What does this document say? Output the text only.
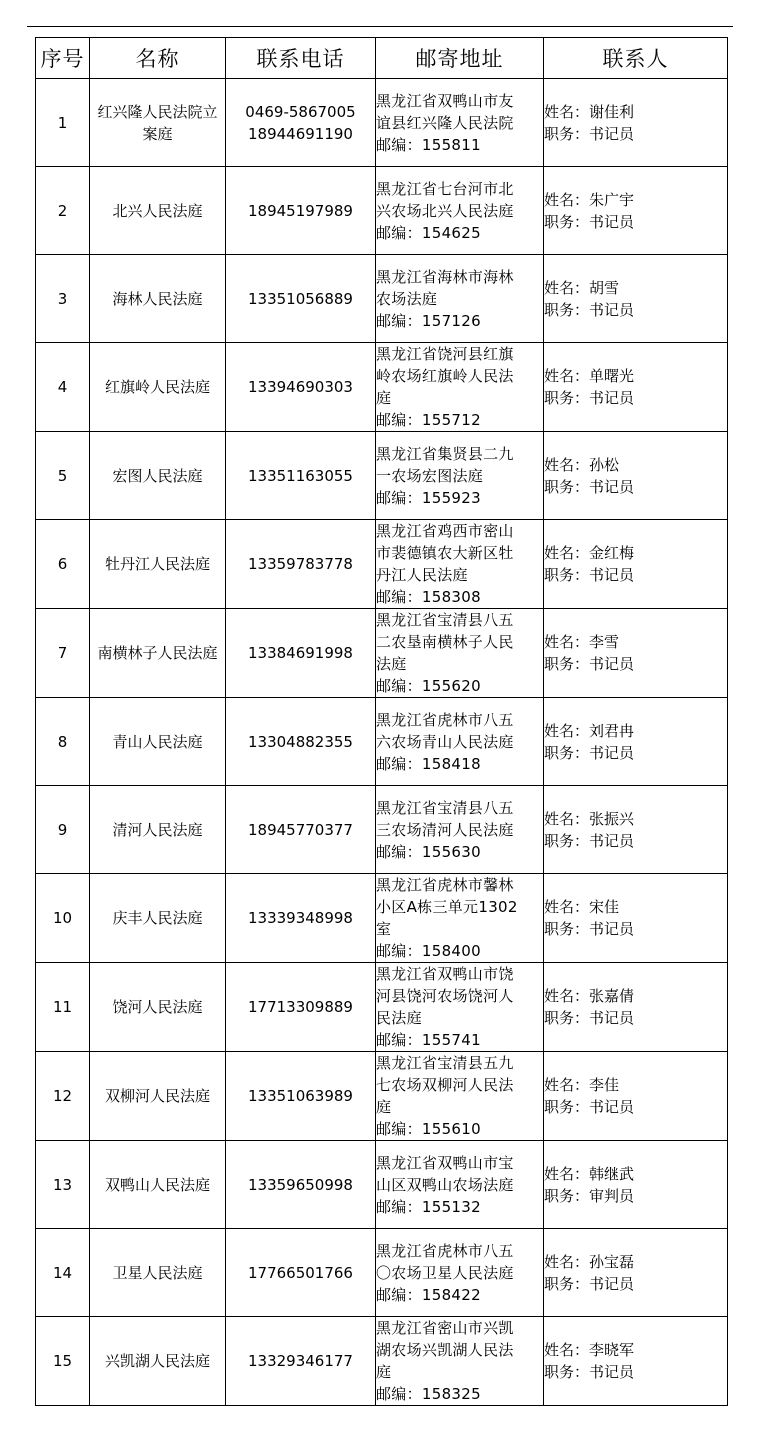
序号	名称	联系电话	邮寄地址	联系人
1	红兴隆人民法院立案庭	0469-5867005
18944691190	黑龙江省双鸭山市友
谊县红兴隆人民法院
邮编：155811	姓名：谢佳利
职务：书记员

2	北兴人民法庭	18945197989	黑龙江省七台河市北
兴农场北兴人民法庭
邮编：154625	姓名：朱广宇
职务：书记员

3	海林人民法庭	13351056889	黑龙江省海林市海林
农场法庭
邮编：157126	姓名：胡雪
职务：书记员

4	红旗岭人民法庭	13394690303	黑龙江省饶河县红旗
岭农场红旗岭人民法
庭
邮编：155712	姓名：单曙光
职务：书记员

5	宏图人民法庭	13351163055	黑龙江省集贤县二九
一农场宏图法庭
邮编：155923	姓名：孙松
职务：书记员

6	牡丹江人民法庭	13359783778	黑龙江省鸡西市密山
市裴德镇农大新区牡
丹江人民法庭
邮编：158308	姓名：金红梅
职务：书记员

7	南横林子人民法庭	13384691998	黑龙江省宝清县八五
二农垦南横林子人民
法庭
邮编：155620	姓名：李雪
职务：书记员

8	青山人民法庭	13304882355	黑龙江省虎林市八五
六农场青山人民法庭
邮编：158418	姓名：刘君冉
职务：书记员

9	清河人民法庭	18945770377	黑龙江省宝清县八五
三农场清河人民法庭
邮编：155630	姓名：张振兴
职务：书记员

10	庆丰人民法庭	13339348998	黑龙江省虎林市馨林
小区A栋三单元1302
室
邮编：158400	姓名：宋佳
职务：书记员

11	饶河人民法庭	17713309889	黑龙江省双鸭山市饶
河县饶河农场饶河人
民法庭
邮编：155741	姓名：张嘉倩
职务：书记员

12	双柳河人民法庭	13351063989	黑龙江省宝清县五九
七农场双柳河人民法
庭
邮编：155610	姓名：李佳
职务：书记员

13	双鸭山人民法庭	13359650998	黑龙江省双鸭山市宝
山区双鸭山农场法庭
邮编：155132	姓名：韩继武
职务：审判员

14	卫星人民法庭	17766501766	黑龙江省虎林市八五
〇农场卫星人民法庭
邮编：158422	姓名：孙宝磊
职务：书记员

15	兴凯湖人民法庭	13329346177	黑龙江省密山市兴凯
湖农场兴凯湖人民法
庭
邮编：158325	姓名：李晓军
职务：书记员
